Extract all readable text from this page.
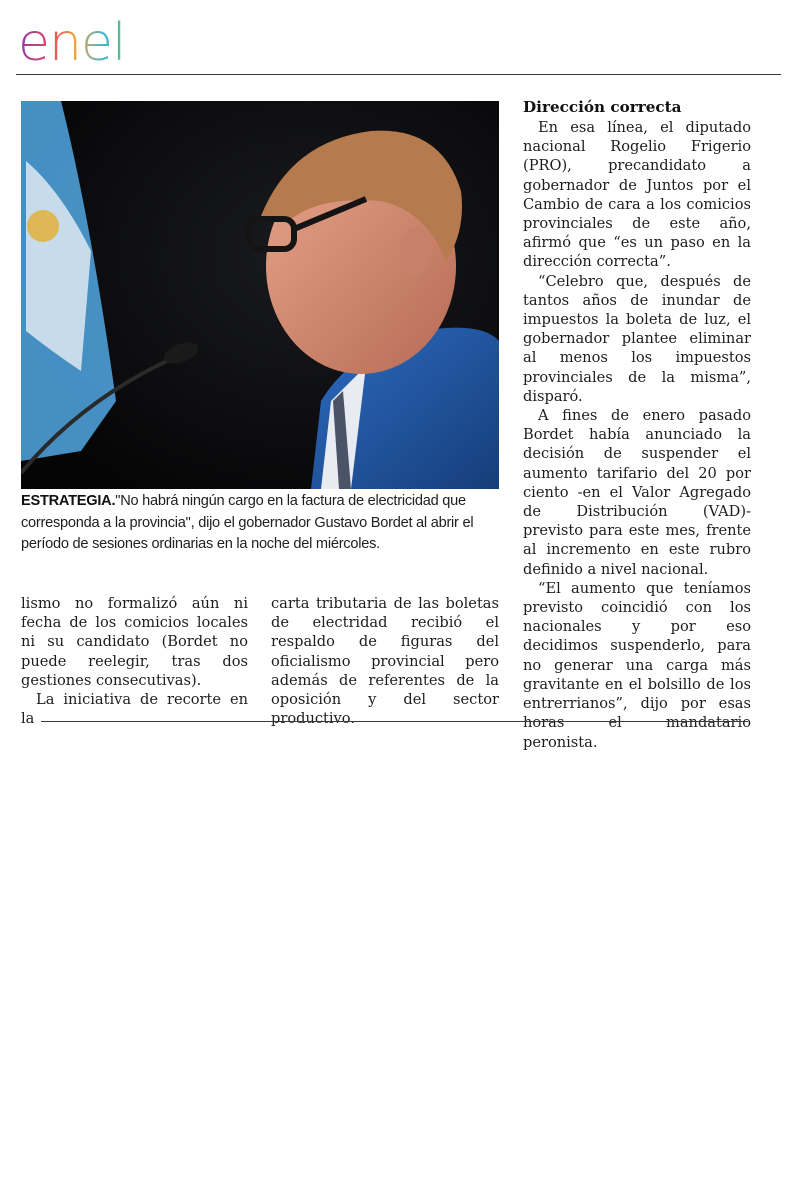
enel
ESTRATEGIA."No habrá ningún cargo en la factura de electricidad que corresponda a la provincia", dijo el gobernador Gustavo Bordet al abrir el período de sesiones ordinarias en la noche del miércoles.

lismo no formalizó aún ni fecha de los comicios locales ni su candidato (Bordet no puede reelegir, tras dos gestiones consecutivas).

La iniciativa de recorte en la

carta tributaria de las boletas de electridad recibió el respaldo de figuras del oficialismo provincial pero además de referentes de la oposición y del sector productivo.

Dirección correcta

En esa línea, el diputado nacional Rogelio Frigerio (PRO), precandidato a gobernador de Juntos por el Cambio de cara a los comicios provinciales de este año, afirmó que “es un paso en la dirección correcta”.

“Celebro que, después de tantos años de inundar de impuestos la boleta de luz, el gobernador plantee eliminar al menos los impuestos provinciales de la misma”, disparó.

A fines de enero pasado Bordet había anunciado la decisión de suspender el aumento tarifario del 20 por ciento -en el Valor Agregado de Distribución (VAD)- previsto para este mes, frente al incremento en este rubro definido a nivel nacional.

“El aumento que teníamos previsto coincidió con los nacionales y por eso decidimos suspenderlo, para no generar una carga más gravitante en el bolsillo de los entrerrianos”, dijo por esas horas el mandatario peronista.
